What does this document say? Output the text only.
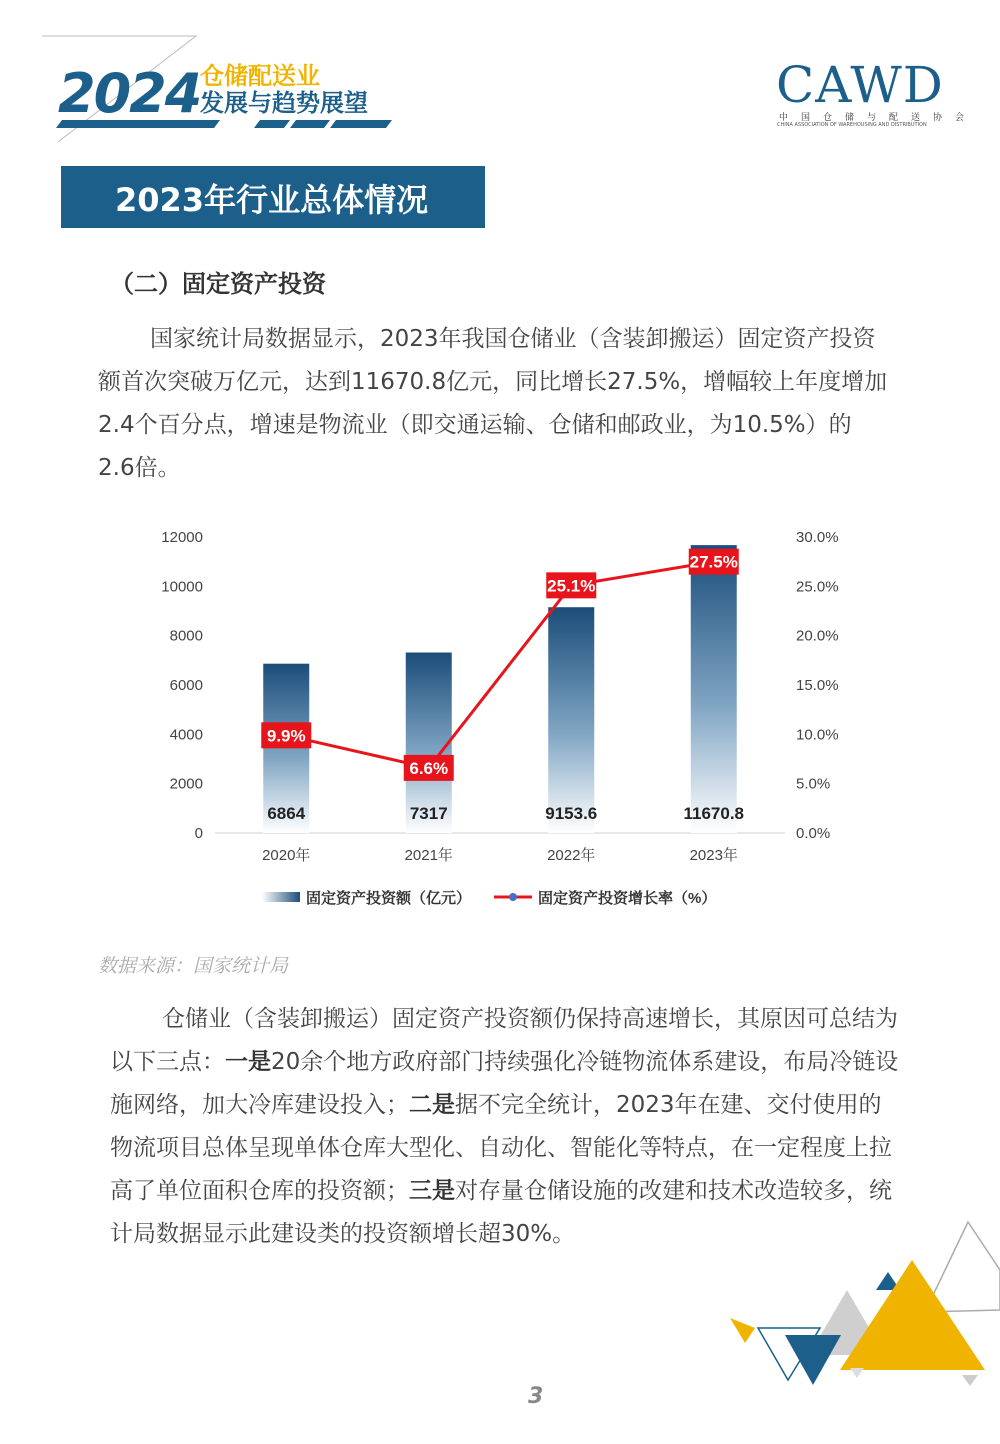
2024 仓储配送业
发展与趋势展望	CAWD
中国仓储与配送协会
CHINA ASSOCIATION OF WAREHOUSING AND DISTRIBUTION
2023年行业总体情况
（二）固定资产投资
国家统计局数据显示，2023年我国仓储业（含装卸搬运）固定资产投资额首次突破万亿元，达到11670.8亿元，同比增长27.5%，增幅较上年度增加2.4个百分点，增速是物流业（即交通运输、仓储和邮政业，为10.5%）的 2.6倍。
0
2000
4000
6000
8000
10000
12000
0.0%
5.0%
10.0%
15.0%
20.0%
25.0%
30.0%
2020年	2021年	2022年	2023年
6864	7317	9153.6	11670.8
9.9%
6.6%
25.1%
27.5%
固定资产投资额（亿元）	固定资产投资增长率（%）
数据来源：国家统计局
仓储业（含装卸搬运）固定资产投资额仍保持高速增长，其原因可总结为以下三点：一是20余个地方政府部门持续强化冷链物流体系建设，布局冷链设施网络，加大冷库建设投入；二是据不完全统计，2023年在建、交付使用的物流项目总体呈现单体仓库大型化、自动化、智能化等特点，在一定程度上拉高了单位面积仓库的投资额；三是对存量仓储设施的改建和技术改造较多，统计局数据显示此建设类的投资额增长超30%。
3
